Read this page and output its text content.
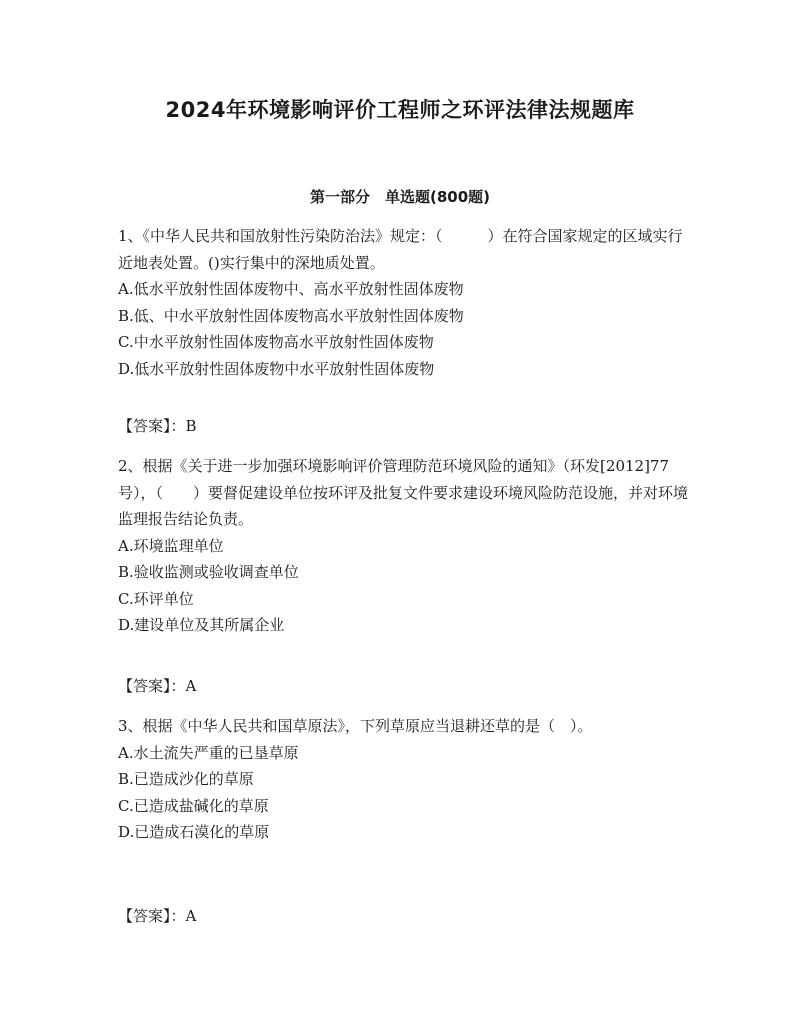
2024年环境影响评价工程师之环评法律法规题库
第一部分　单选题(800题)

1、《中华人民共和国放射性污染防治法》规定：（　　　）在符合国家规定的区域实行近地表处置。()实行集中的深地质处置。

A.低水平放射性固体废物中、高水平放射性固体废物

B.低、中水平放射性固体废物高水平放射性固体废物

C.中水平放射性固体废物高水平放射性固体废物

D.低水平放射性固体废物中水平放射性固体废物

【答案】：B

2、根据《关于进一步加强环境影响评价管理防范环境风险的通知》（环发[2012]77号），（　　）要督促建设单位按环评及批复文件要求建设环境风险防范设施，并对环境监理报告结论负责。

A.环境监理单位

B.验收监测或验收调查单位

C.环评单位

D.建设单位及其所属企业

【答案】：A

3、根据《中华人民共和国草原法》，下列草原应当退耕还草的是（　）。

A.水土流失严重的已垦草原

B.已造成沙化的草原

C.已造成盐碱化的草原

D.已造成石漠化的草原

【答案】：A
